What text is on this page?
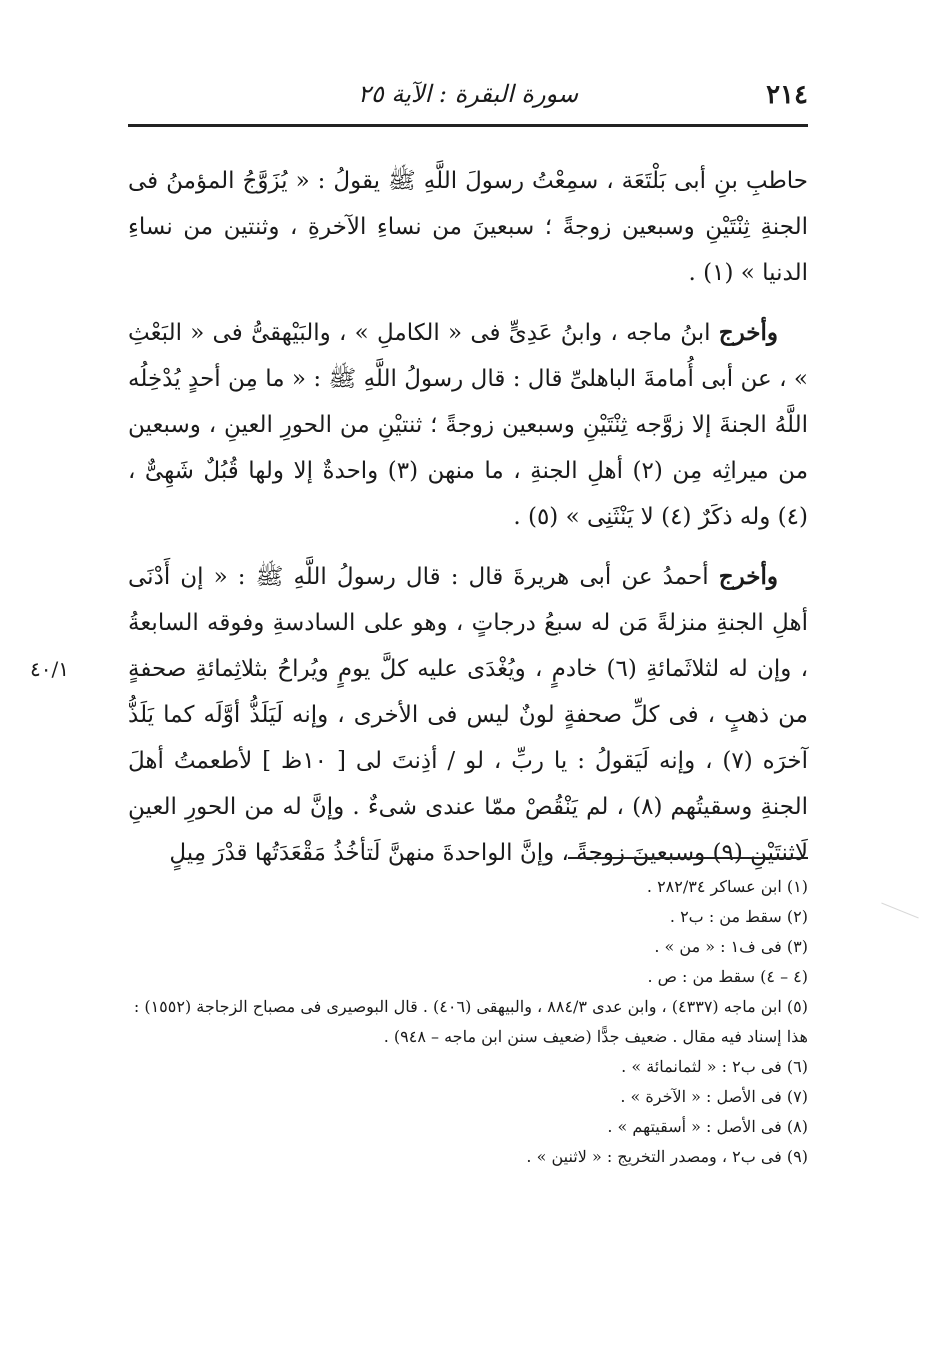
٢١٤
سورة البقرة : الآية ٢٥
٤٠/١

حاطبِ بنِ أبى بَلْتَعَة ، سمِعْتُ رسولَ اللَّهِ ﷺ يقولُ : « يُزَوَّجُ المؤمنُ فى الجنةِ ثِنْتَيْنِ وسبعين زوجةً ؛ سبعينَ من نساءِ الآخرةِ ، وثنتين من نساءِ الدنيا » (١) .

وأخرج ابنُ ماجه ، وابنُ عَدِىٍّ فى « الكاملِ » ، والبَيْهقىُّ فى « البَعْثِ » ، عن أبى أُمامةَ الباهلىِّ قال : قال رسولُ اللَّهِ ﷺ : « ما مِن أحدٍ يُدْخِلُه اللَّهُ الجنةَ إلا زوَّجه ثِنْتَيْنِ وسبعين زوجةً ؛ ثنتيْنِ من الحورِ العينِ ، وسبعين من ميراثِه مِن (٢) أهلِ الجنةِ ، ما منهن (٣) واحدةٌ إلا ولها قُبُلٌ شَهِىٌّ ، (٤) وله ذكَرٌ (٤) لا يَنْثَنِى » (٥) .

وأخرج أحمدُ عن أبى هريرةَ قال : قال رسولُ اللَّهِ ﷺ : « إن أَدْنَى أهلِ الجنةِ منزلةً مَن له سبعُ درجاتٍ ، وهو على السادسةِ وفوقه السابعةُ ، وإن له لثلاثَمائةِ (٦) خادمٍ ، ويُغْدَى عليه كلَّ يومٍ ويُراحُ بثلاثِمائةِ صحفةٍ من ذهبٍ ، فى كلِّ صحفةٍ لونٌ ليس فى الأخرى ، وإنه لَيَلَذُّ أوَّلَه كما يَلَذُّ آخرَه (٧) ، وإنه لَيَقولُ : يا ربِّ ، لو / أذِنتَ لى [ ١٠ظ ] لأطعمتُ أهلَ الجنةِ وسقيتُهم (٨) ، لم يَنْقُصْ ممّا عندى شىءٌ . وإنَّ له من الحورِ العينِ لَاثنتَيْنِ (٩) وسبعينَ زوجةً ، وإنَّ الواحدةَ منهنَّ لَتأخُذُ مَقْعَدَتُها قدْرَ مِيلٍ

(١) ابن عساكر ٢٨٢/٣٤ .
(٢) سقط من : ب٢ .
(٣) فى ف١ : « من » .
(٤ – ٤) سقط من : ص .
(٥) ابن ماجه (٤٣٣٧) ، وابن عدى ٨٨٤/٣ ، والبيهقى (٤٠٦) . قال البوصيرى فى مصباح الزجاجة (١٥٥٢) : هذا إسناد فيه مقال . ضعيف جدًّا (ضعيف سنن ابن ماجه – ٩٤٨) .
(٦) فى ب٢ : « لثمانمائة » .
(٧) فى الأصل : « الآخرة » .
(٨) فى الأصل : « أسقيتهم » .
(٩) فى ب٢ ، ومصدر التخريج : « لاثنين » .
